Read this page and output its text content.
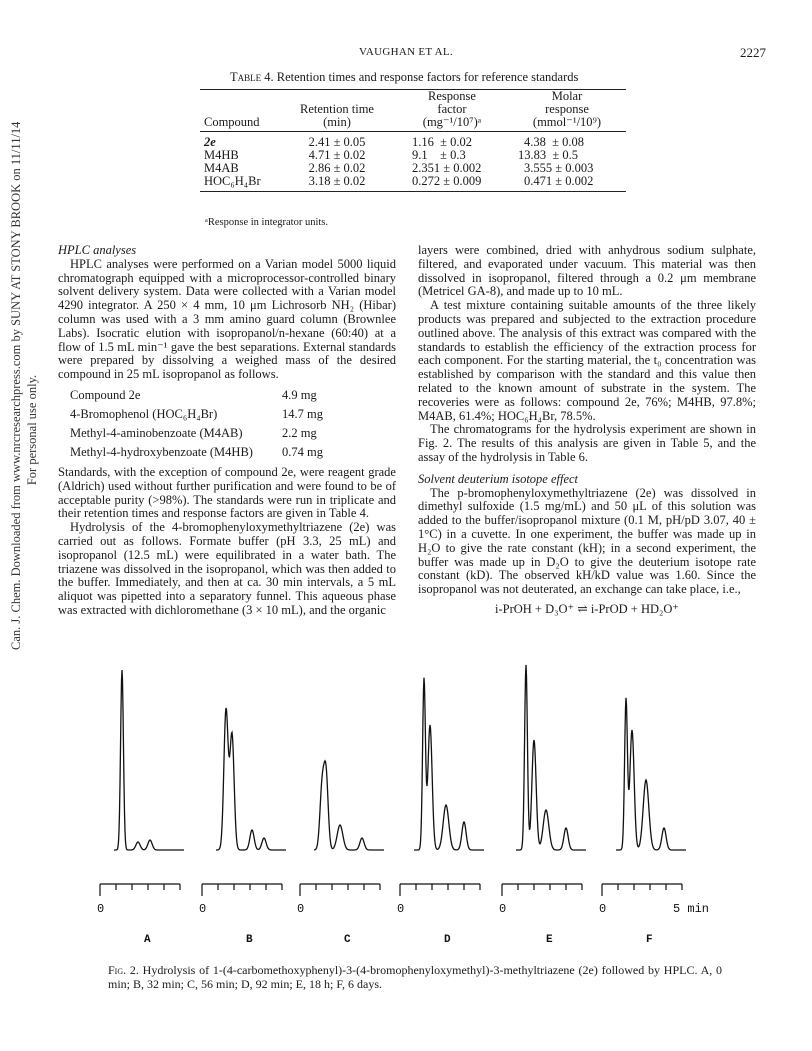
Can. J. Chem. Downloaded from www.nrcresearchpress.com by SUNY AT STONY BROOK on 11/11/14 For personal use only.
VAUGHAN ET AL.	2227
Table 4. Retention times and response factors for reference standards
		Response	Molar
	Retention time	factor	response
Compound	(min)	(mg⁻¹/10⁷)ᵃ	(mmol⁻¹/10⁹)
2e	2.41 ± 0.05	1.16  ± 0.02	4.38  ± 0.08
M4HB	4.71 ± 0.02	9.1    ± 0.3	13.83  ± 0.5
M4AB	2.86 ± 0.02	2.351 ± 0.002	3.555 ± 0.003
HOC₆H₄Br	3.18 ± 0.02	0.272 ± 0.009	0.471 ± 0.002
ᵃResponse in integrator units.
HPLC analyses

HPLC analyses were performed on a Varian model 5000 liquid chromatograph equipped with a microprocessor-controlled binary solvent delivery system. Data were collected with a Varian model 4290 integrator. A 250 × 4 mm, 10 μm Lichrosorb NH₂ (Hibar) column was used with a 3 mm amino guard column (Brownlee Labs). Isocratic elution with isopropanol/n-hexane (60:40) at a flow of 1.5 mL min⁻¹ gave the best separations. External standards were prepared by dissolving a weighed mass of the desired compound in 25 mL isopropanol as follows.

Compound 2e	4.9 mg
4-Bromophenol (HOC₆H₄Br)	14.7 mg
Methyl-4-aminobenzoate (M4AB)	2.2 mg
Methyl-4-hydroxybenzoate (M4HB)	0.74 mg

Standards, with the exception of compound 2e, were reagent grade (Aldrich) used without further purification and were found to be of acceptable purity (>98%). The standards were run in triplicate and their retention times and response factors are given in Table 4.

Hydrolysis of the 4-bromophenyloxymethyltriazene (2e) was carried out as follows. Formate buffer (pH 3.3, 25 mL) and isopropanol (12.5 mL) were equilibrated in a water bath. The triazene was dissolved in the isopropanol, which was then added to the buffer. Immediately, and then at ca. 30 min intervals, a 5 mL aliquot was pipetted into a separatory funnel. This aqueous phase was extracted with dichloromethane (3 × 10 mL), and the organic

layers were combined, dried with anhydrous sodium sulphate, filtered, and evaporated under vacuum. This material was then dissolved in isopropanol, filtered through a 0.2 μm membrane (Metricel GA-8), and made up to 10 mL.

A test mixture containing suitable amounts of the three likely products was prepared and subjected to the extraction procedure outlined above. The analysis of this extract was compared with the standards to establish the efficiency of the extraction process for each component. For the starting material, the t₀ concentration was established by comparison with the standard and this value then related to the known amount of substrate in the system. The recoveries were as follows: compound 2e, 76%; M4HB, 97.8%; M4AB, 61.4%; HOC₆H₄Br, 78.5%.

The chromatograms for the hydrolysis experiment are shown in Fig. 2. The results of this analysis are given in Table 5, and the assay of the hydrolysis in Table 6.

Solvent deuterium isotope effect

The p-bromophenyloxymethyltriazene (2e) was dissolved in dimethyl sulfoxide (1.5 mg/mL) and 50 μL of this solution was added to the buffer/isopropanol mixture (0.1 M, pH/pD 3.07, 40 ± 1°C) in a cuvette. In one experiment, the buffer was made up in H₂O to give the rate constant (kH); in a second experiment, the buffer was made up in D₂O to give the deuterium isotope rate constant (kD). The observed kH/kD value was 1.60. Since the isopropanol was not deuterated, an exchange can take place, i.e.,

i-PrOH + D₃O⁺ ⇌ i-PrOD + HD₂O⁺
0
A
0
B
0
C
0
D
0
E
0
F
5 min
Fig. 2. Hydrolysis of 1-(4-carbomethoxyphenyl)-3-(4-bromophenyloxymethyl)-3-methyltriazene (2e) followed by HPLC. A, 0 min; B, 32 min; C, 56 min; D, 92 min; E, 18 h; F, 6 days.
